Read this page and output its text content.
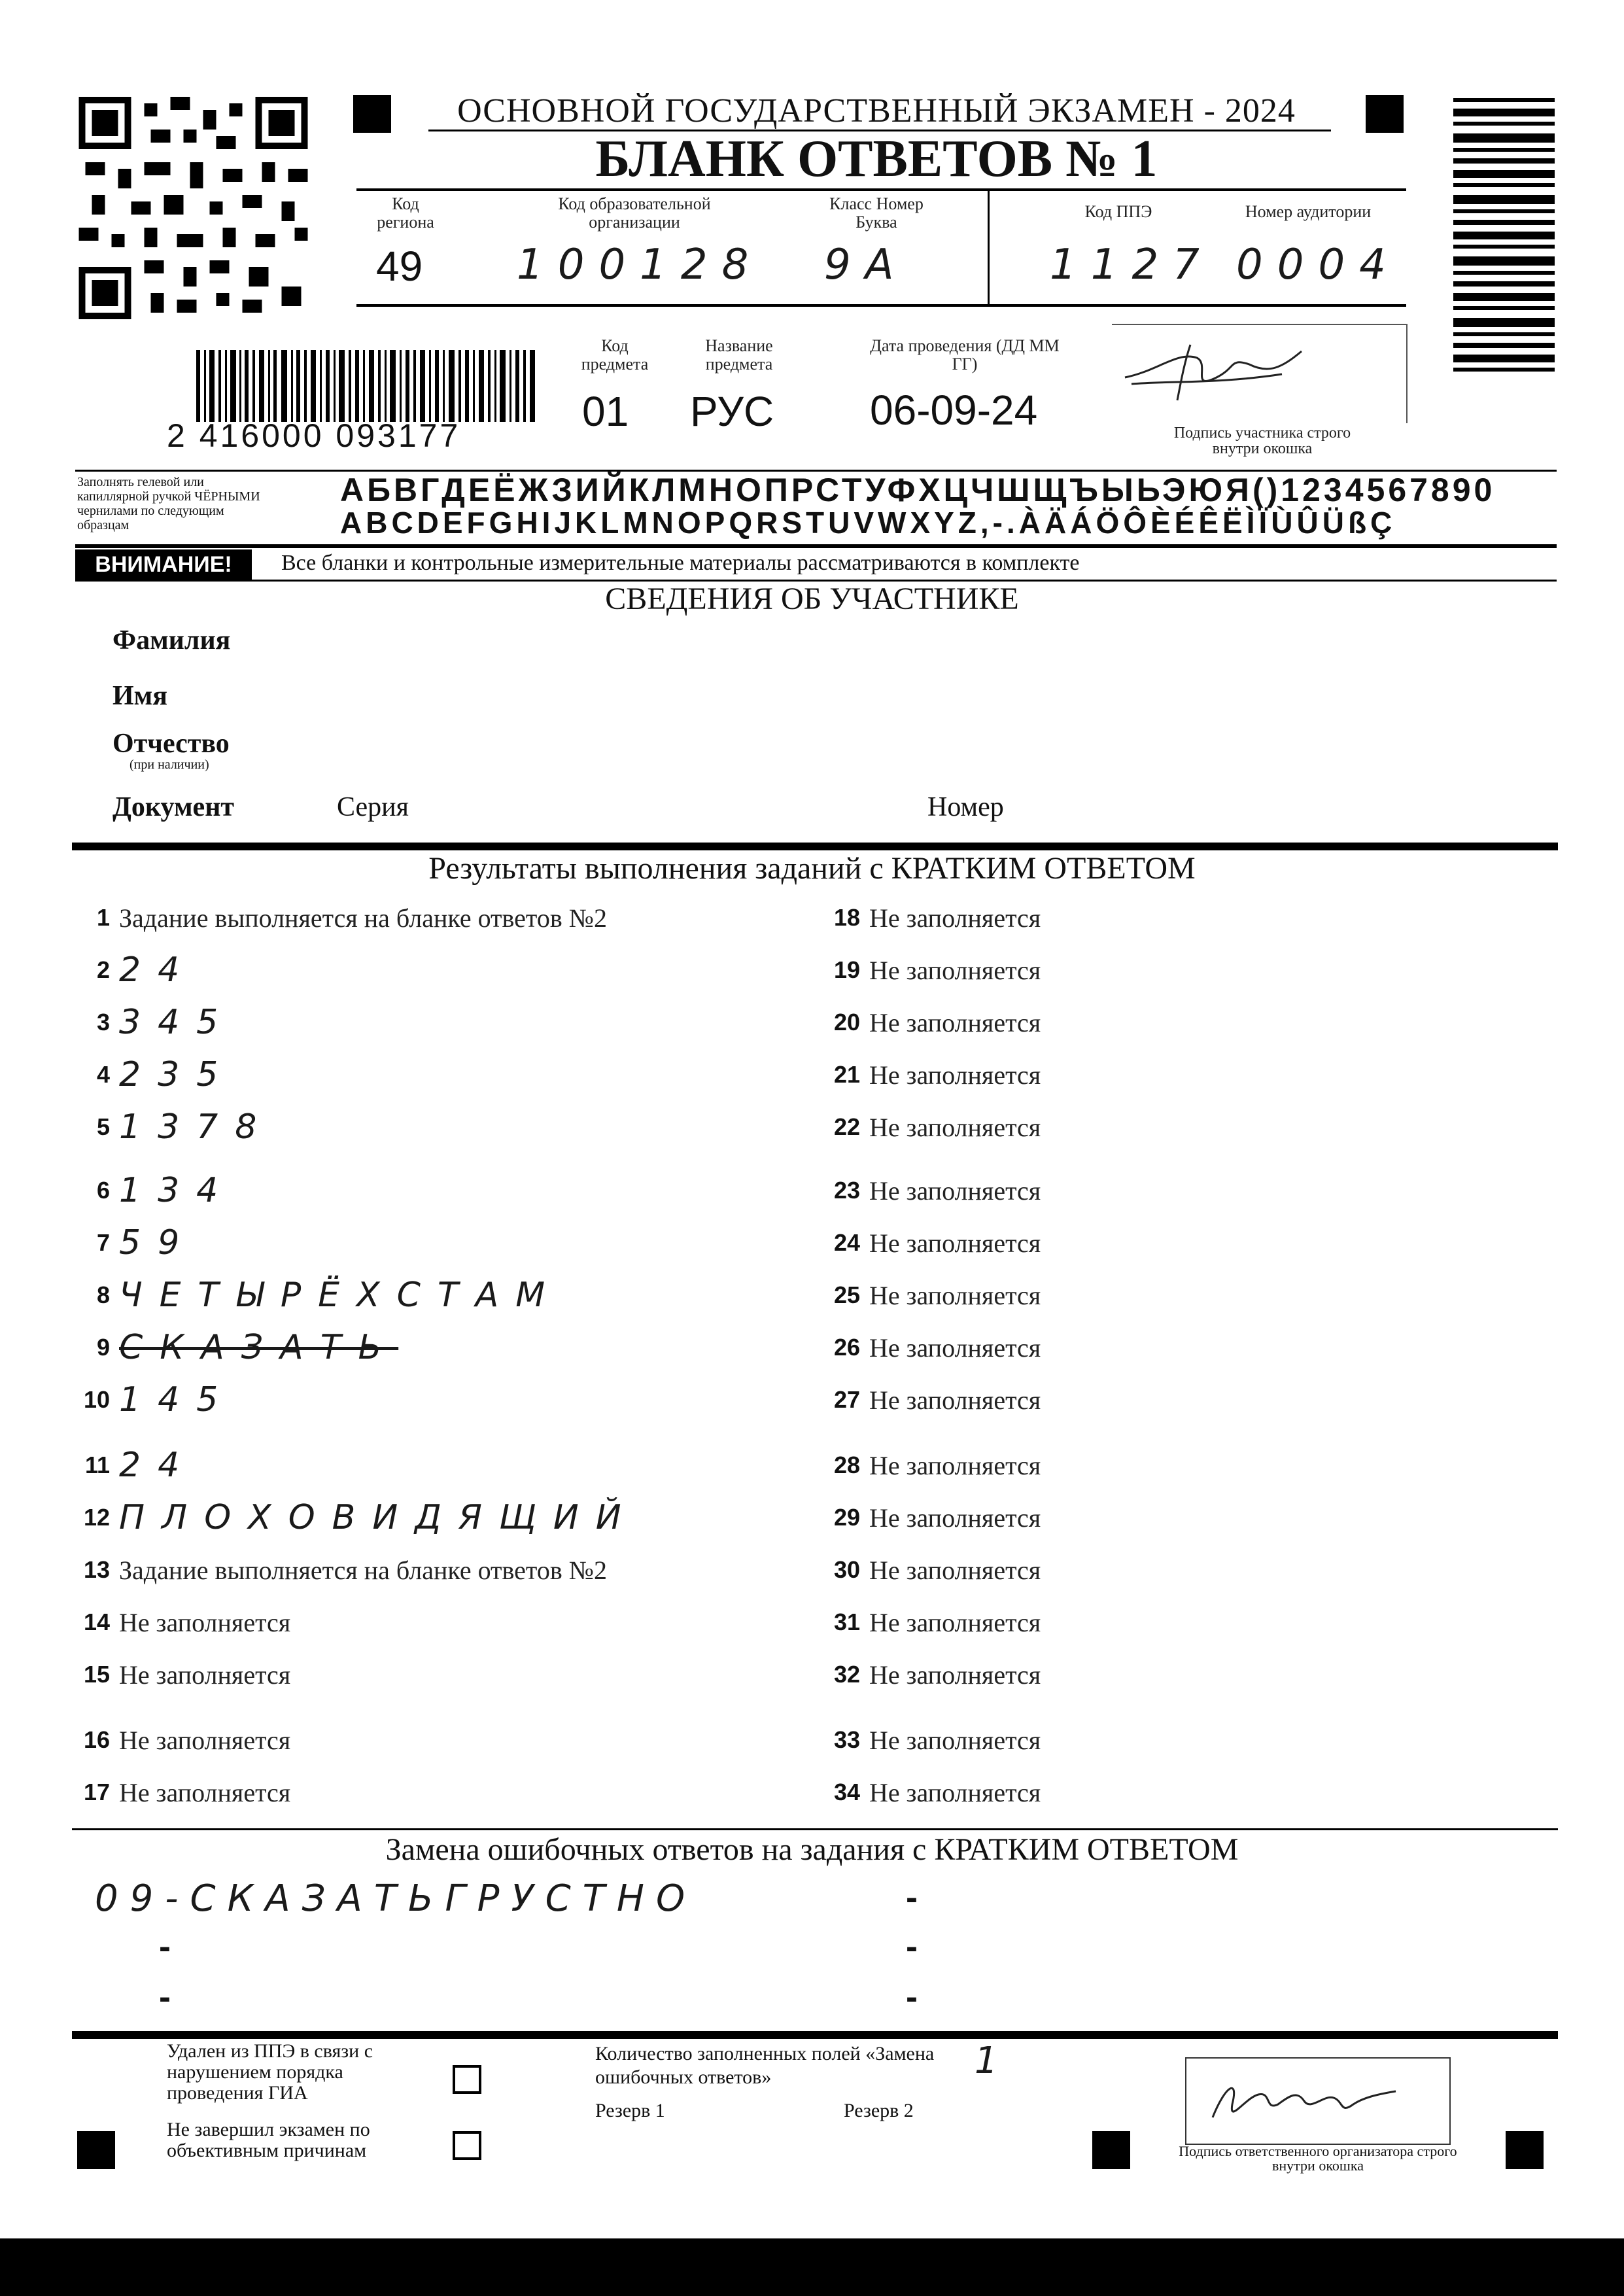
ОСНОВНОЙ ГОСУДАРСТВЕННЫЙ ЭКЗАМЕН - 2024
БЛАНК ОТВЕТОВ № 1
Код региона
49
Код образовательной организации
100128
Класс Номер Буква
9A
Код ППЭ
1127
Номер аудитории
0004
2 416000 093177
Код предмета
01
Название предмета
РУС
Дата проведения (ДД ММ ГГ)
06-09-24	Подпись участника строго внутри окошка
Заполнять гелевой или капиллярной ручкой ЧЁРНЫМИ чернилами по следующим образцам
АБВГДЕЁЖЗИЙКЛМНОПРСТУФХЦЧШЩЪЫЬЭЮЯ()1234567890
ABCDEFGHIJKLMNOPQRSTUVWXYZ,-.ÀÄÁÖÔÈÉÊËÌÏÙÛÜßÇ
ВНИМАНИЕ!	Все бланки и контрольные измерительные материалы рассматриваются в комплекте
СВЕДЕНИЯ ОБ УЧАСТНИКЕ
Фамилия
Имя
Отчество
(при наличии)
Документ	Серия	Номер
Результаты выполнения заданий с КРАТКИМ ОТВЕТОМ
1 Задание выполняется на бланке ответов №2
2 24
3 345
4 235
5 1378
6 134
7 59
8 ЧЕТЫРЁХСТАМ
9 СКАЗАТЬ
10 145
11 24
12 ПЛОХОВИДЯЩИЙ
13 Задание выполняется на бланке ответов №2
14 Не заполняется
15 Не заполняется
16 Не заполняется
17 Не заполняется
18 Не заполняется
19 Не заполняется
20 Не заполняется
21 Не заполняется
22 Не заполняется
23 Не заполняется
24 Не заполняется
25 Не заполняется
26 Не заполняется
27 Не заполняется
28 Не заполняется
29 Не заполняется
30 Не заполняется
31 Не заполняется
32 Не заполняется
33 Не заполняется
34 Не заполняется
Замена ошибочных ответов на задания с КРАТКИМ ОТВЕТОМ
09-СКАЗАТЬГРУСТНО	-
-	-
-	-
Удален из ППЭ в связи с нарушением порядка проведения ГИА
Не завершил экзамен по объективным причинам
Количество заполненных полей «Замена ошибочных ответов»	1
Резерв 1	Резерв 2
Подпись ответственного организатора строго внутри окошка
